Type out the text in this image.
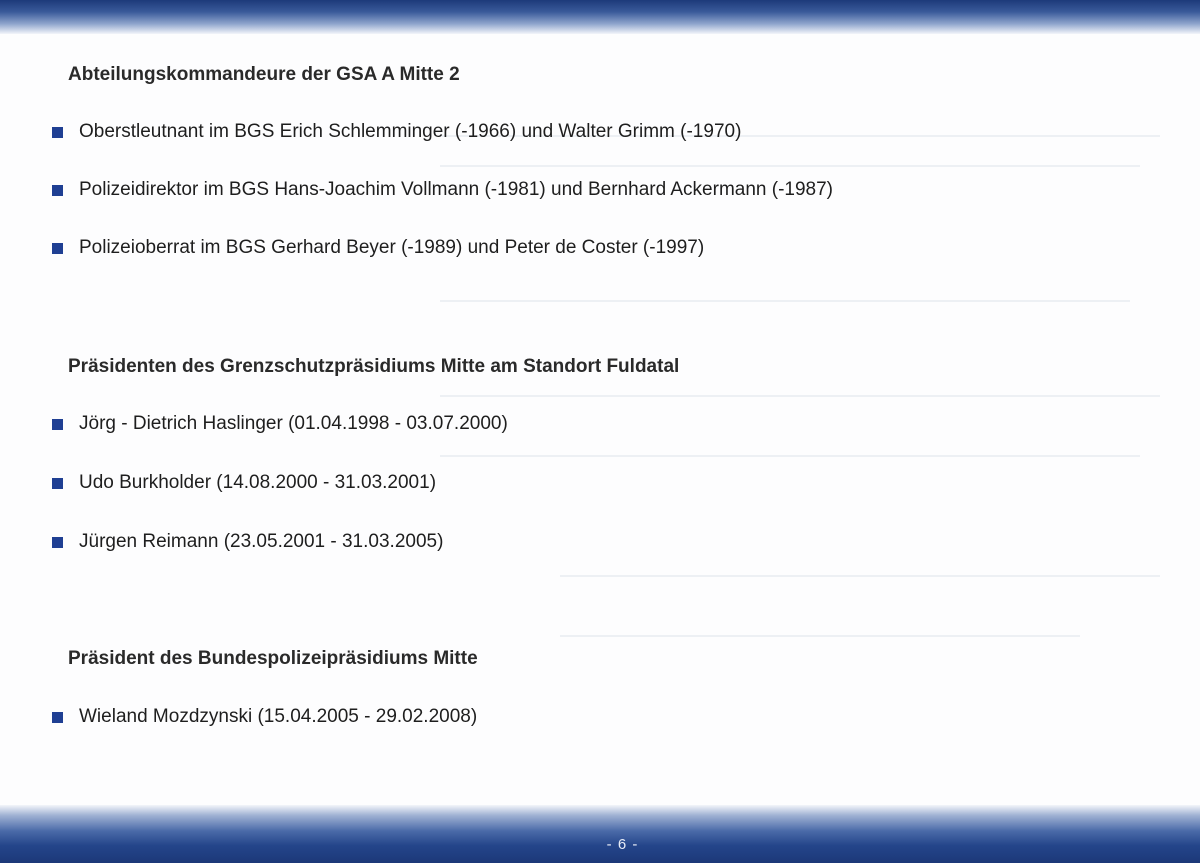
Abteilungskommandeure der GSA A Mitte 2
Oberstleutnant im BGS Erich Schlemminger (-1966) und Walter Grimm (-1970)
Polizeidirektor im BGS Hans-Joachim Vollmann (-1981) und Bernhard Ackermann (-1987)
Polizeioberrat im BGS Gerhard Beyer (-1989) und Peter de Coster (-1997)
Präsidenten des Grenzschutzpräsidiums Mitte am Standort Fuldatal
Jörg - Dietrich Haslinger (01.04.1998 - 03.07.2000)
Udo Burkholder (14.08.2000 - 31.03.2001)
Jürgen Reimann (23.05.2001 - 31.03.2005)
Präsident des Bundespolizeipräsidiums Mitte
Wieland Mozdzynski (15.04.2005 - 29.02.2008)
- 6 -
